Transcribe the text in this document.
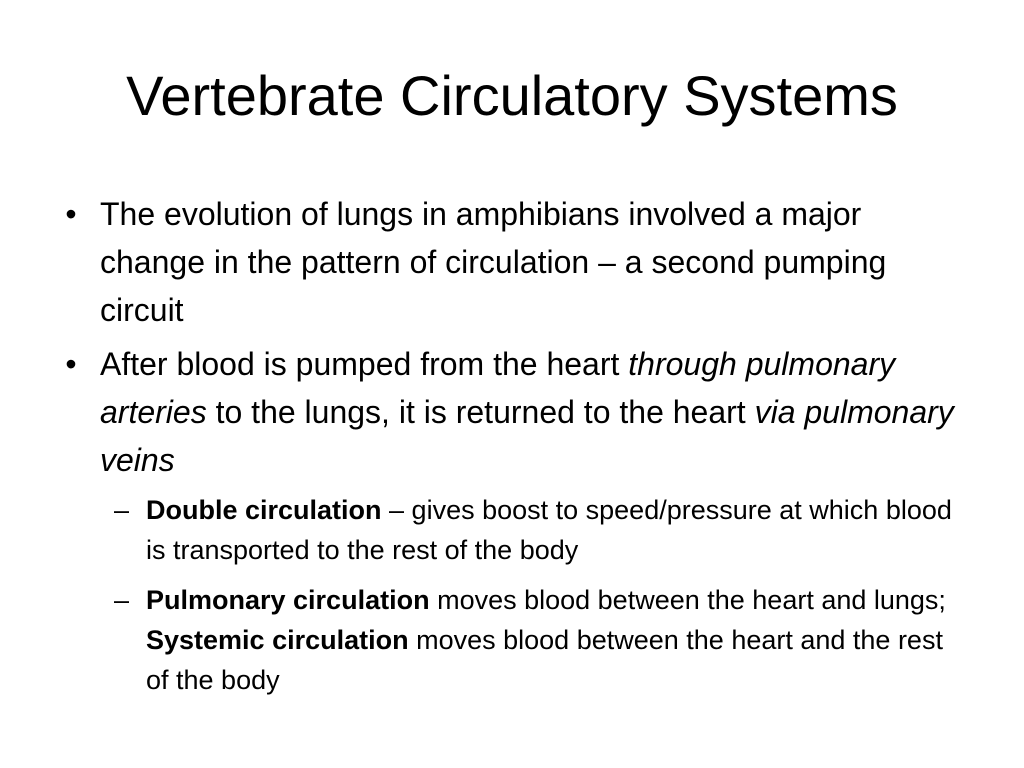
Vertebrate Circulatory Systems
• The evolution of lungs in amphibians involved a major change in the pattern of circulation – a second pumping circuit
• After blood is pumped from the heart through pulmonary arteries to the lungs, it is returned to the heart via pulmonary veins
– Double circulation – gives boost to speed/pressure at which blood is transported to the rest of the body
– Pulmonary circulation moves blood between the heart and lungs; Systemic circulation moves blood between the heart and the rest of the body
